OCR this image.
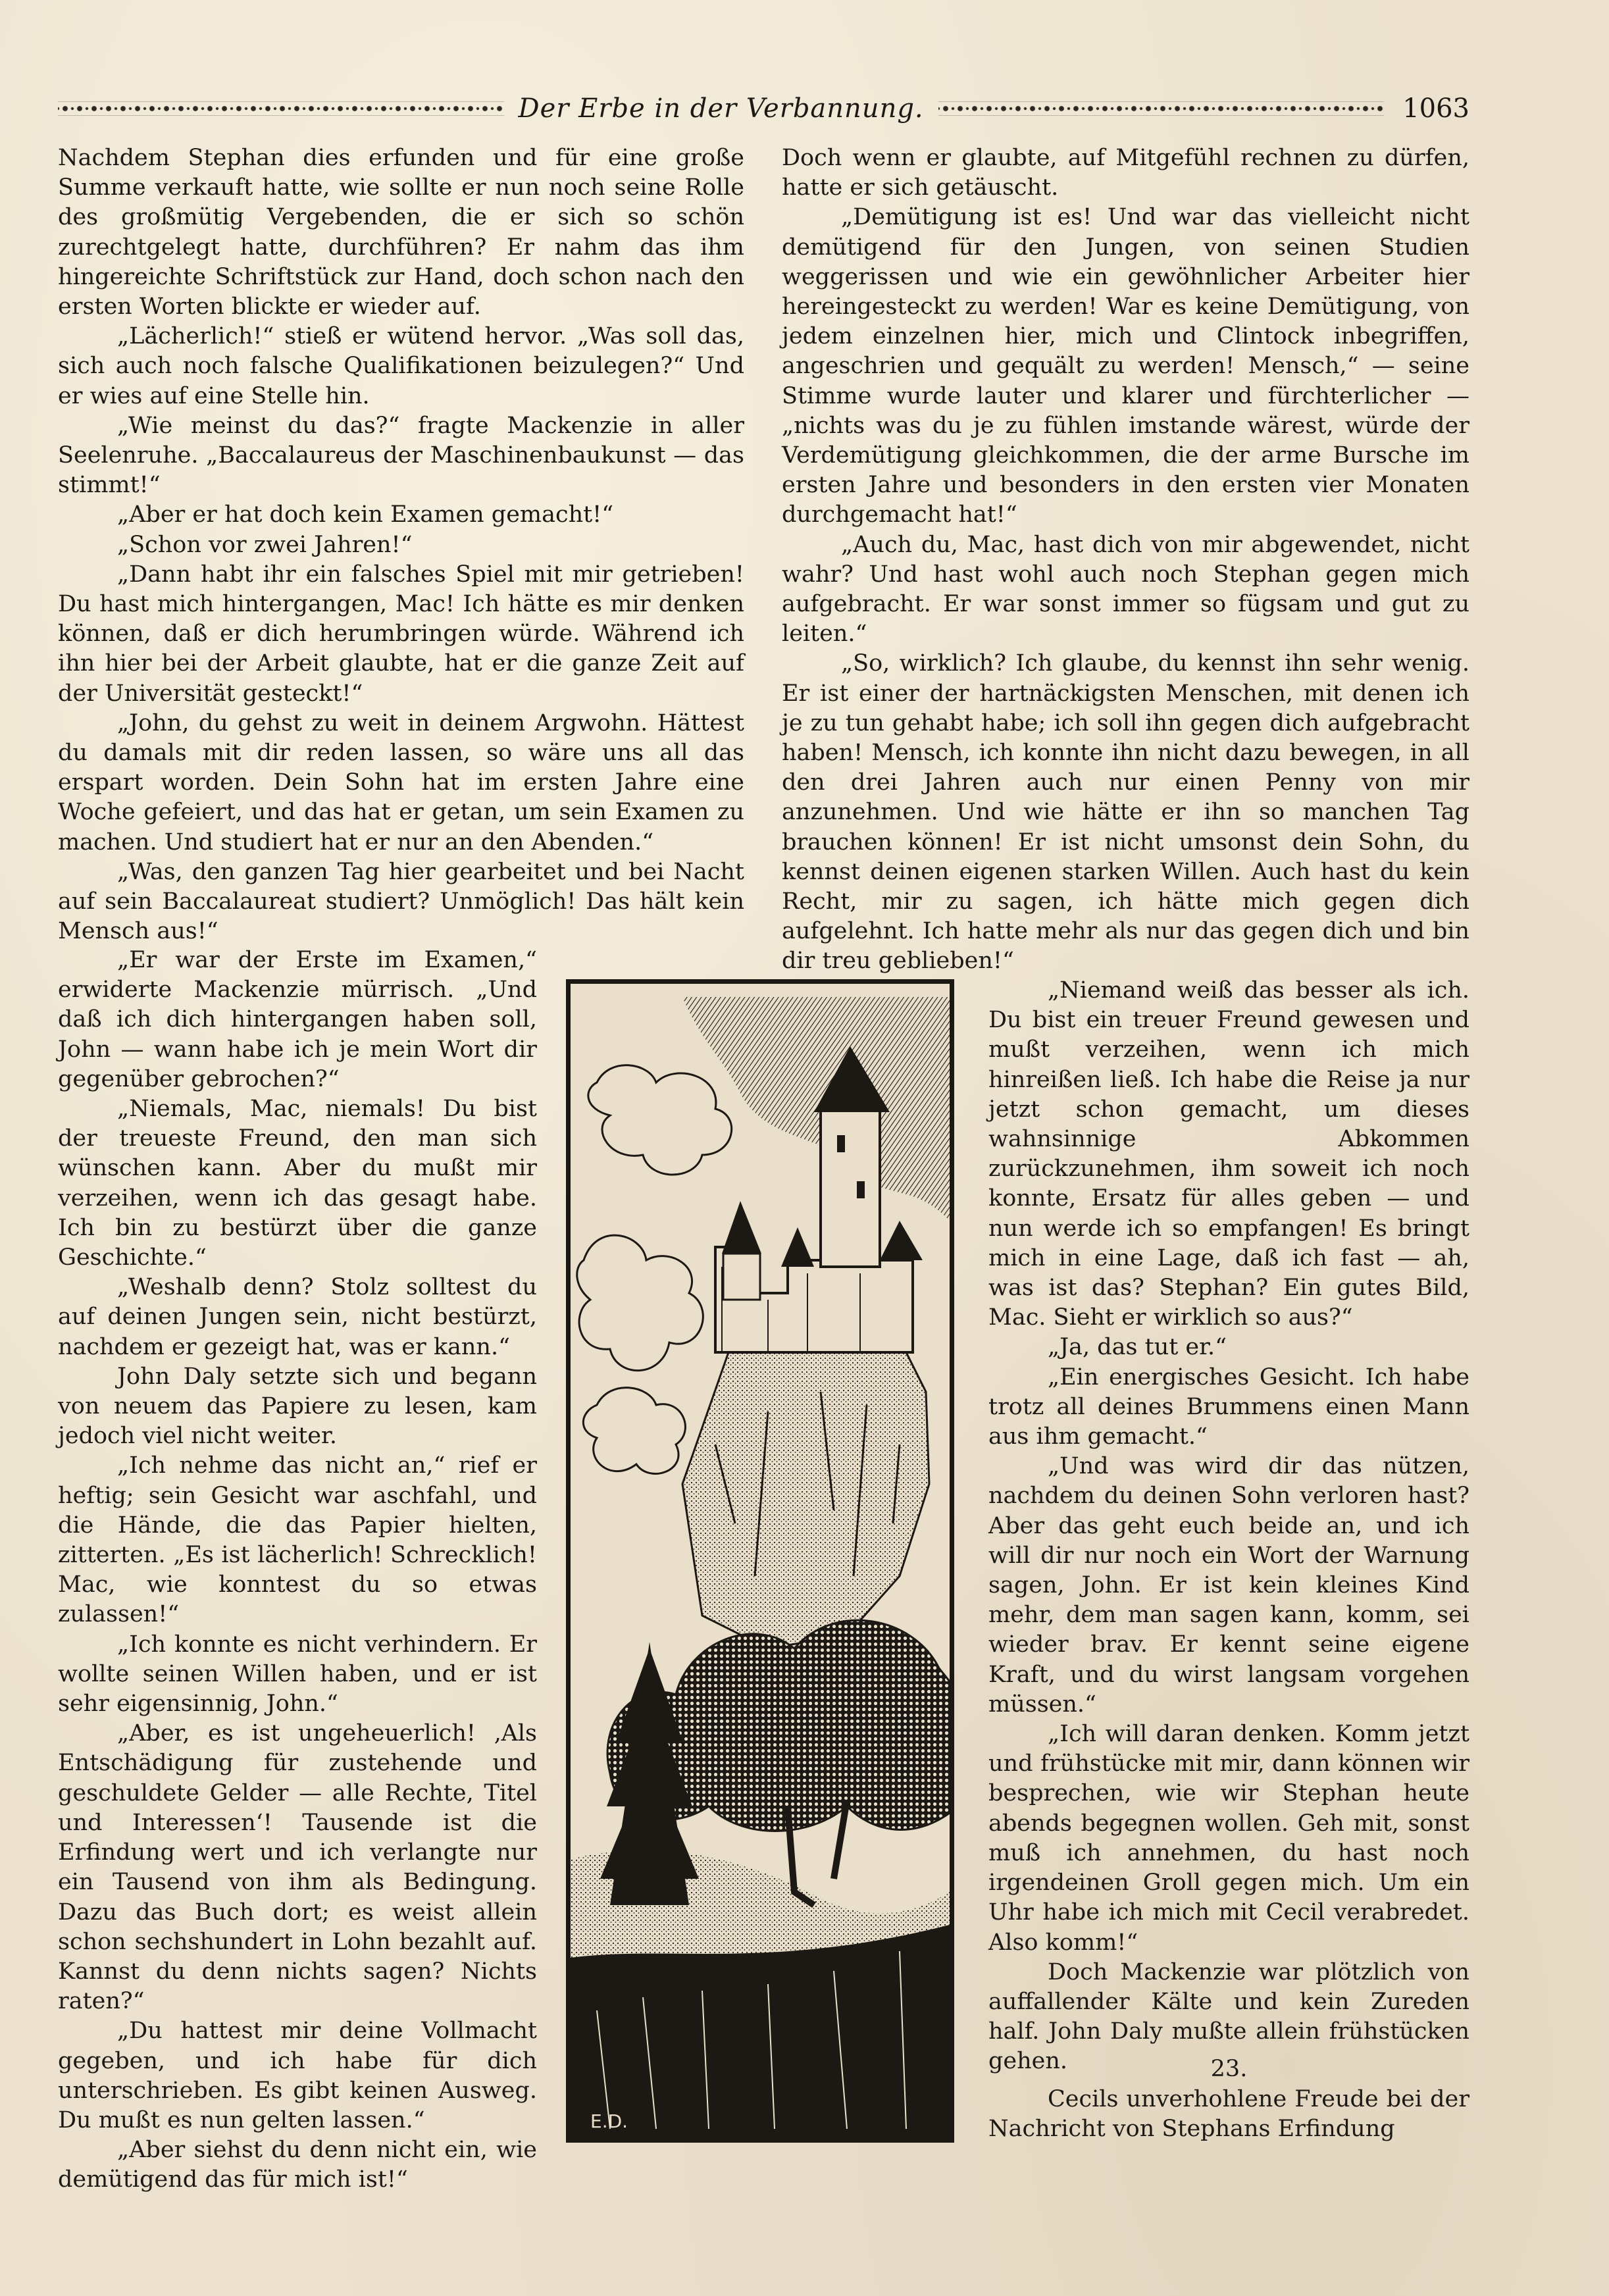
Der Erbe in der Verbannung.	1063

Nachdem Stephan dies erfunden und für eine große Summe verkauft hatte, wie sollte er nun noch seine Rolle des großmütig Vergebenden, die er sich so schön zurechtgelegt hatte, durchführen? Er nahm das ihm hingereichte Schriftstück zur Hand, doch schon nach den ersten Worten blickte er wieder auf.

„Lächerlich!“ stieß er wütend hervor. „Was soll das, sich auch noch falsche Qualifikationen beizulegen?“ Und er wies auf eine Stelle hin.

„Wie meinst du das?“ fragte Mackenzie in aller Seelenruhe. „Baccalaureus der Maschinenbaukunst — das stimmt!“

„Aber er hat doch kein Examen gemacht!“

„Schon vor zwei Jahren!“

„Dann habt ihr ein falsches Spiel mit mir getrieben! Du hast mich hintergangen, Mac! Ich hätte es mir denken können, daß er dich herumbringen würde. Während ich ihn hier bei der Arbeit glaubte, hat er die ganze Zeit auf der Universität gesteckt!“

„John, du gehst zu weit in deinem Argwohn. Hättest du damals mit dir reden lassen, so wäre uns all das erspart worden. Dein Sohn hat im ersten Jahre eine Woche gefeiert, und das hat er getan, um sein Examen zu machen. Und studiert hat er nur an den Abenden.“

„Was, den ganzen Tag hier gearbeitet und bei Nacht auf sein Baccalaureat studiert? Unmöglich! Das hält kein Mensch aus!“

„Er war der Erste im Examen,“ erwiderte Mackenzie mürrisch. „Und daß ich dich hintergangen haben soll, John — wann habe ich je mein Wort dir gegenüber gebrochen?“

„Niemals, Mac, niemals! Du bist der treueste Freund, den man sich wünschen kann. Aber du mußt mir verzeihen, wenn ich das gesagt habe. Ich bin zu bestürzt über die ganze Geschichte.“

„Weshalb denn? Stolz solltest du auf deinen Jungen sein, nicht bestürzt, nachdem er gezeigt hat, was er kann.“

John Daly setzte sich und begann von neuem das Papiere zu lesen, kam jedoch viel nicht weiter.

„Ich nehme das nicht an,“ rief er heftig; sein Gesicht war aschfahl, und die Hände, die das Papier hielten, zitterten. „Es ist lächerlich! Schrecklich! Mac, wie konntest du so etwas zulassen!“

„Ich konnte es nicht verhindern. Er wollte seinen Willen haben, und er ist sehr eigensinnig, John.“

„Aber, es ist ungeheuerlich! ‚Als Entschädigung für zustehende und geschuldete Gelder — alle Rechte, Titel und Interessen‘! Tausende ist die Erfindung wert und ich verlangte nur ein Tausend von ihm als Bedingung. Dazu das Buch dort; es weist allein schon sechshundert in Lohn bezahlt auf. Kannst du denn nichts sagen? Nichts raten?“

„Du hattest mir deine Vollmacht gegeben, und ich habe für dich unterschrieben. Es gibt keinen Ausweg. Du mußt es nun gelten lassen.“

„Aber siehst du denn nicht ein, wie demütigend das für mich ist!“

Doch wenn er glaubte, auf Mitgefühl rechnen zu dürfen, hatte er sich getäuscht.

„Demütigung ist es! Und war das vielleicht nicht demütigend für den Jungen, von seinen Studien weggerissen und wie ein gewöhnlicher Arbeiter hier hereingesteckt zu werden! War es keine Demütigung, von jedem einzelnen hier, mich und Clintock inbegriffen, angeschrien und gequält zu werden! Mensch,“ — seine Stimme wurde lauter und klarer und fürchterlicher — „nichts was du je zu fühlen imstande wärest, würde der Verdemütigung gleichkommen, die der arme Bursche im ersten Jahre und besonders in den ersten vier Monaten durchgemacht hat!“

„Auch du, Mac, hast dich von mir abgewendet, nicht wahr? Und hast wohl auch noch Stephan gegen mich aufgebracht. Er war sonst immer so fügsam und gut zu leiten.“

„So, wirklich? Ich glaube, du kennst ihn sehr wenig. Er ist einer der hartnäckigsten Menschen, mit denen ich je zu tun gehabt habe; ich soll ihn gegen dich aufgebracht haben! Mensch, ich konnte ihn nicht dazu bewegen, in all den drei Jahren auch nur einen Penny von mir anzunehmen. Und wie hätte er ihn so manchen Tag brauchen können! Er ist nicht umsonst dein Sohn, du kennst deinen eigenen starken Willen. Auch hast du kein Recht, mir zu sagen, ich hätte mich gegen dich aufgelehnt. Ich hatte mehr als nur das gegen dich und bin dir treu geblieben!“

„Niemand weiß das besser als ich. Du bist ein treuer Freund gewesen und mußt verzeihen, wenn ich mich hinreißen ließ. Ich habe die Reise ja nur jetzt schon gemacht, um dieses wahnsinnige Abkommen zurückzunehmen, ihm soweit ich noch konnte, Ersatz für alles geben — und nun werde ich so empfangen! Es bringt mich in eine Lage, daß ich fast — ah, was ist das? Stephan? Ein gutes Bild, Mac. Sieht er wirklich so aus?“

„Ja, das tut er.“

„Ein energisches Gesicht. Ich habe trotz all deines Brummens einen Mann aus ihm gemacht.“

„Und was wird dir das nützen, nachdem du deinen Sohn verloren hast? Aber das geht euch beide an, und ich will dir nur noch ein Wort der Warnung sagen, John. Er ist kein kleines Kind mehr, dem man sagen kann, komm, sei wieder brav. Er kennt seine eigene Kraft, und du wirst langsam vorgehen müssen.“

„Ich will daran denken. Komm jetzt und frühstücke mit mir, dann können wir besprechen, wie wir Stephan heute abends begegnen wollen. Geh mit, sonst muß ich annehmen, du hast noch irgendeinen Groll gegen mich. Um ein Uhr habe ich mich mit Cecil verabredet. Also komm!“

Doch Mackenzie war plötzlich von auffallender Kälte und kein Zureden half. John Daly mußte allein frühstücken gehen.	23.

Cecils unverhohlene Freude bei der Nachricht von Stephans Erfindung

E.D.
